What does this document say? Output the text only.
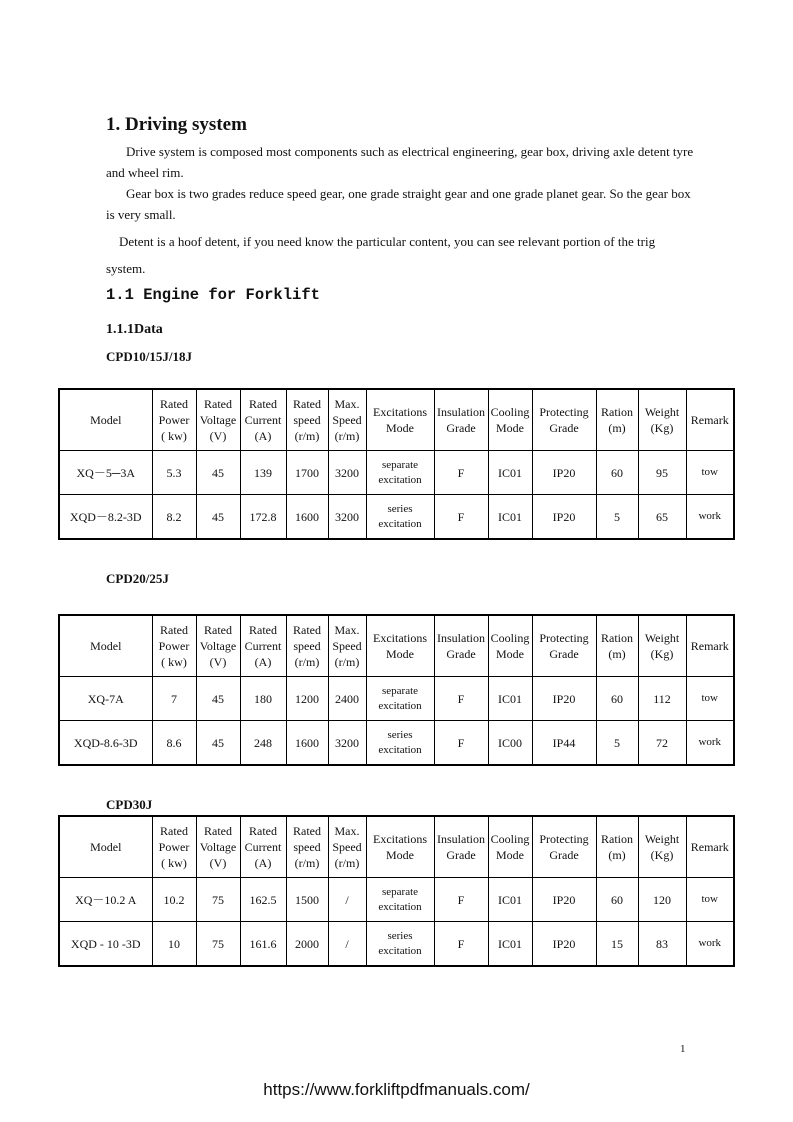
1. Driving system
Drive system is composed most components such as electrical engineering, gear box, driving axle detent tyre and wheel rim.
Gear box is two grades reduce speed gear, one grade straight gear and one grade planet gear. So the gear box is very small.
Detent is a hoof detent, if you need know the particular content, you can see relevant portion of the trig system.
1.1 Engine for Forklift
1.1.1Data
CPD10/15J/18J
Model	Rated
Power
( kw)	Rated
Voltage
(V)	Rated
Current
(A)	Rated
speed
(r/m)	Max.
Speed
(r/m)	Excitations
Mode	Insulation
Grade	Cooling
Mode	Protecting
Grade	Ration
(m)	Weight
(Kg)	Remark
XQ－5─3A	5.3	45	139	1700	3200	separate
excitation	F	IC01	IP20	60	95	tow
XQD－8.2-3D	8.2	45	172.8	1600	3200	series
excitation	F	IC01	IP20	5	65	work
CPD20/25J
Model	Rated
Power
( kw)	Rated
Voltage
(V)	Rated
Current
(A)	Rated
speed
(r/m)	Max.
Speed
(r/m)	Excitations
Mode	Insulation
Grade	Cooling
Mode	Protecting
Grade	Ration
(m)	Weight
(Kg)	Remark
XQ-7A	7	45	180	1200	2400	separate
excitation	F	IC01	IP20	60	112	tow
XQD-8.6-3D	8.6	45	248	1600	3200	series
excitation	F	IC00	IP44	5	72	work
CPD30J
Model	Rated
Power
( kw)	Rated
Voltage
(V)	Rated
Current
(A)	Rated
speed
(r/m)	Max.
Speed
(r/m)	Excitations
Mode	Insulation
Grade	Cooling
Mode	Protecting
Grade	Ration
(m)	Weight
(Kg)	Remark
XQ－10.2 A	10.2	75	162.5	1500	/	separate
excitation	F	IC01	IP20	60	120	tow
XQD - 10 -3D	10	75	161.6	2000	/	series
excitation	F	IC01	IP20	15	83	work
1
https://www.forkliftpdfmanuals.com/
